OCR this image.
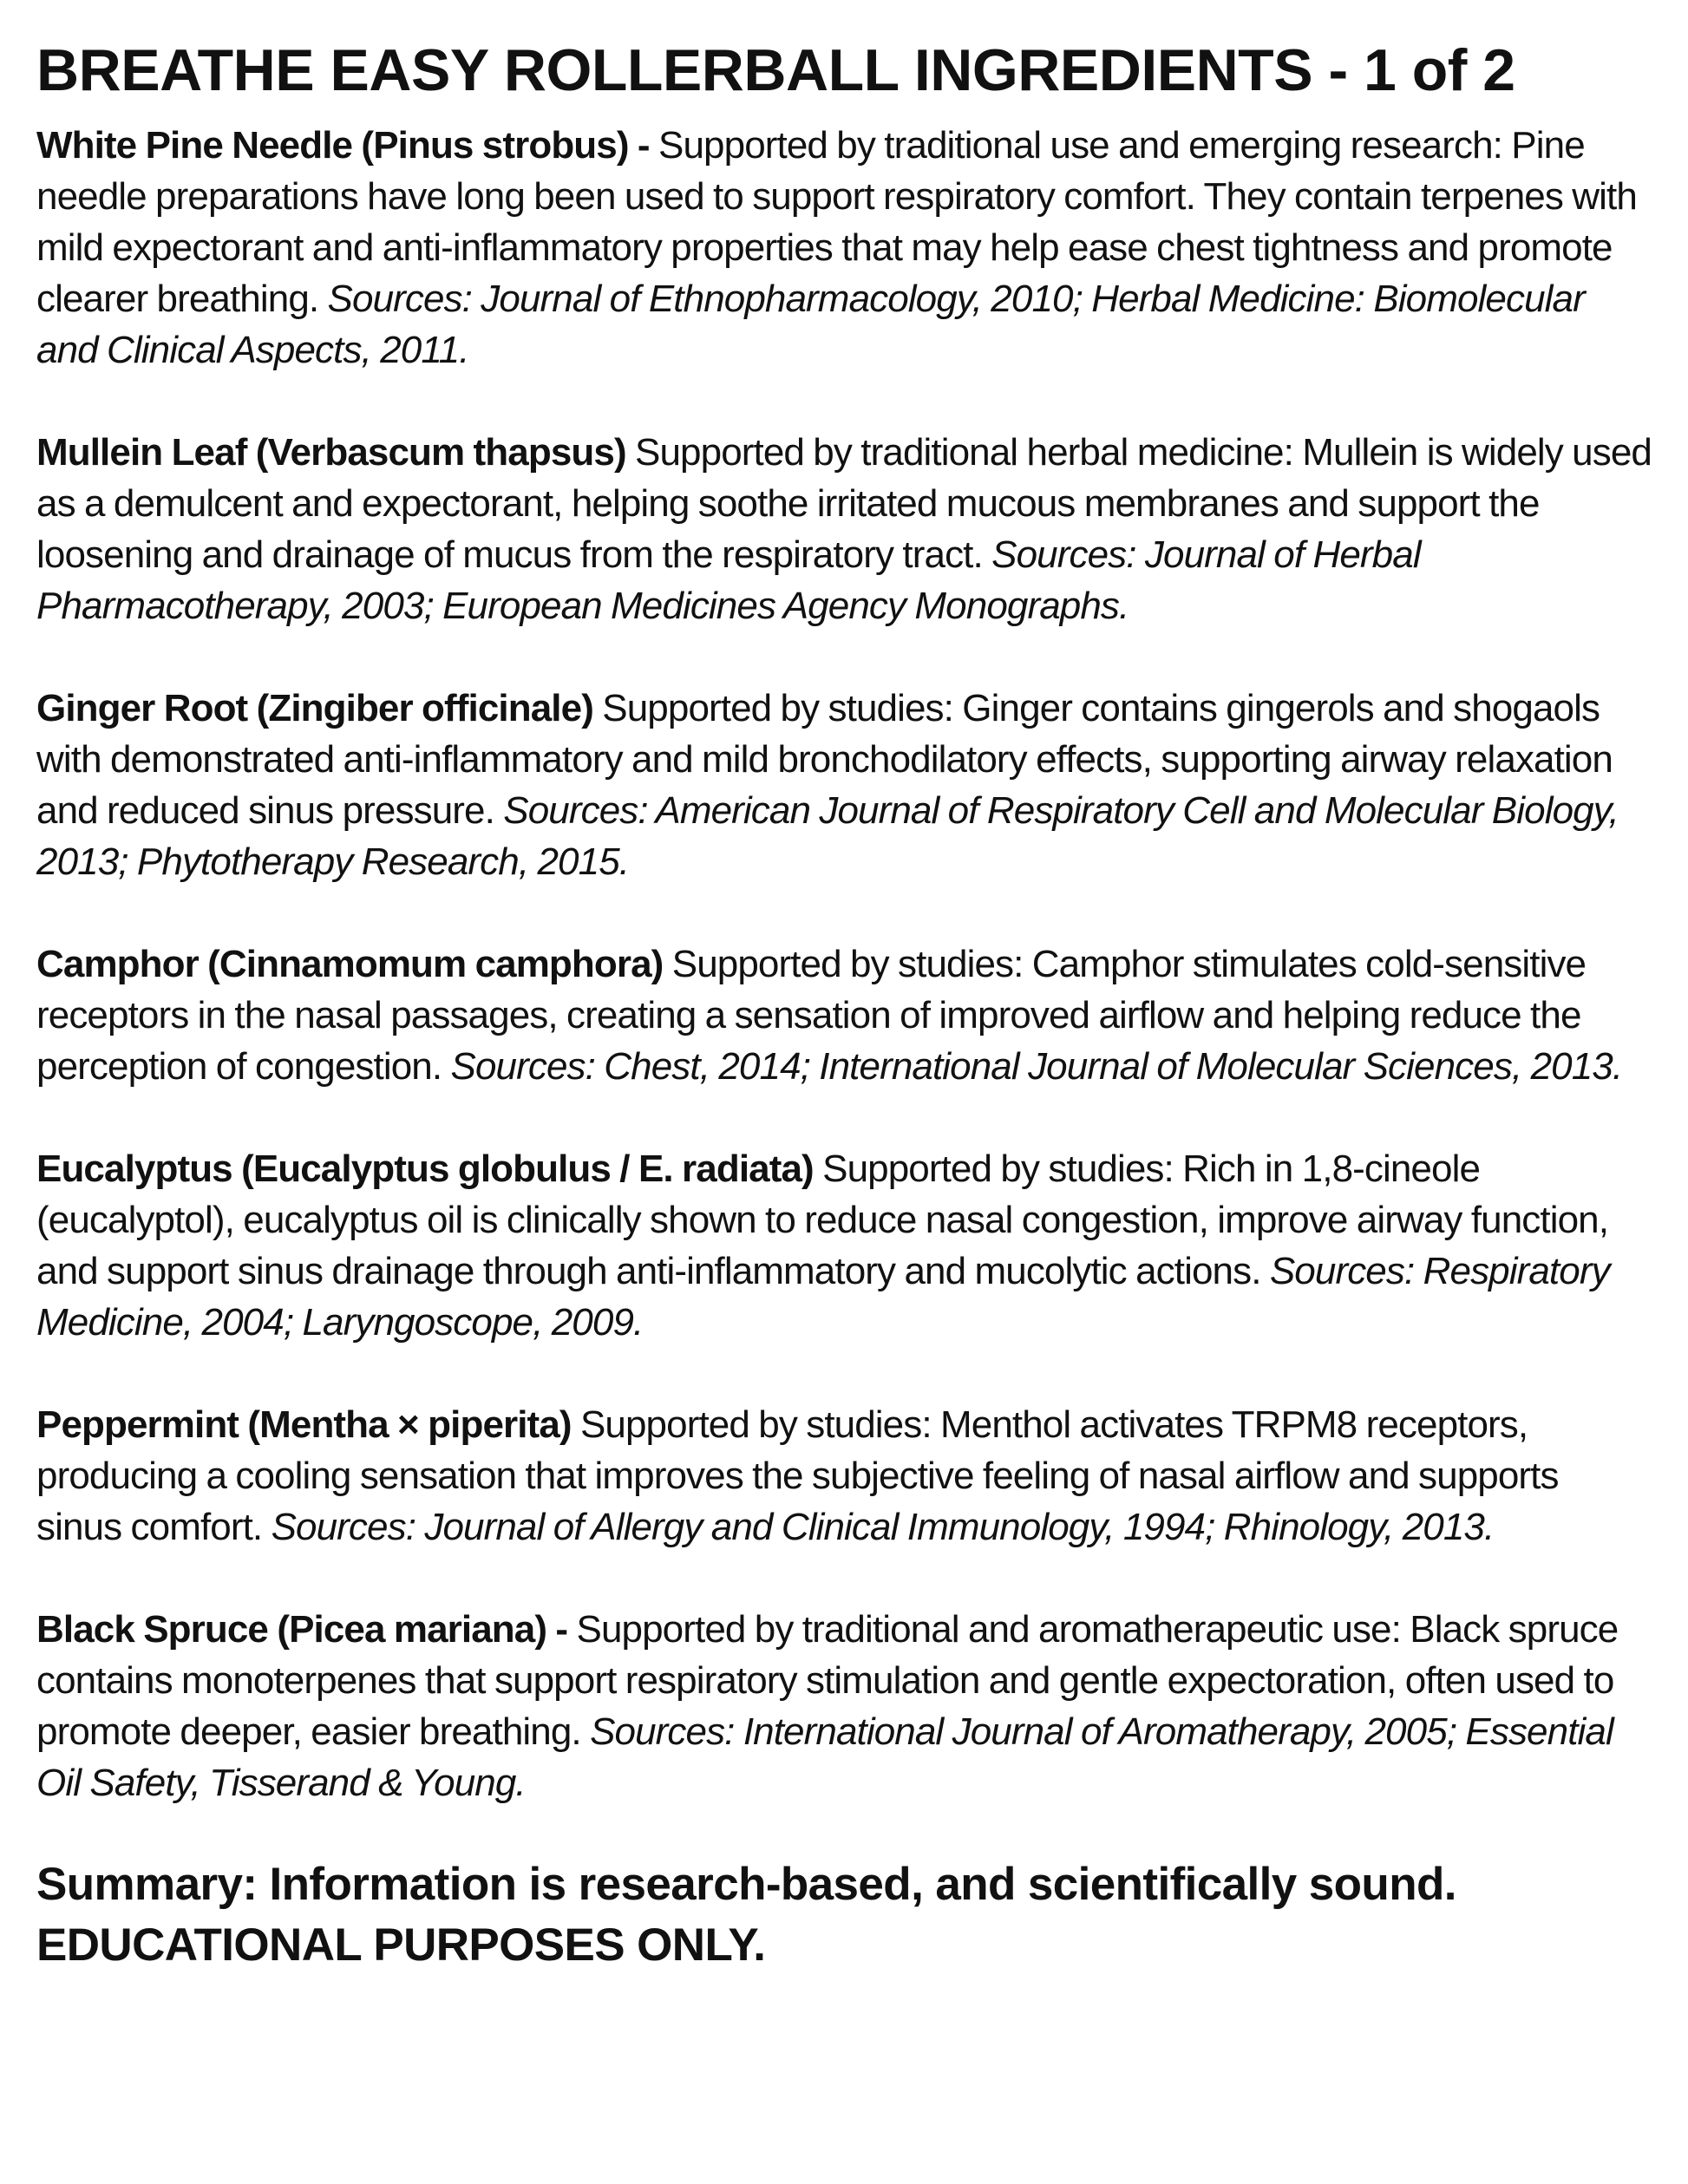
BREATHE EASY ROLLERBALL INGREDIENTS - 1 of 2

White Pine Needle (Pinus strobus) - Supported by traditional use and emerging research: Pine needle preparations have long been used to support respiratory comfort. They contain terpenes with mild expectorant and anti-inflammatory properties that may help ease chest tightness and promote clearer breathing. Sources: Journal of Ethnopharmacology, 2010; Herbal Medicine: Biomolecular and Clinical Aspects, 2011.

Mullein Leaf (Verbascum thapsus) Supported by traditional herbal medicine: Mullein is widely used as a demulcent and expectorant, helping soothe irritated mucous membranes and support the loosening and drainage of mucus from the respiratory tract. Sources: Journal of Herbal Pharmacotherapy, 2003; European Medicines Agency Monographs.

Ginger Root (Zingiber officinale) Supported by studies: Ginger contains gingerols and shogaols with demonstrated anti-inflammatory and mild bronchodilatory effects, supporting airway relaxation and reduced sinus pressure. Sources: American Journal of Respiratory Cell and Molecular Biology, 2013; Phytotherapy Research, 2015.

Camphor (Cinnamomum camphora) Supported by studies: Camphor stimulates cold-sensitive receptors in the nasal passages, creating a sensation of improved airflow and helping reduce the perception of congestion. Sources: Chest, 2014; International Journal of Molecular Sciences, 2013.

Eucalyptus (Eucalyptus globulus / E. radiata) Supported by studies: Rich in 1,8-cineole (eucalyptol), eucalyptus oil is clinically shown to reduce nasal congestion, improve airway function, and support sinus drainage through anti-inflammatory and mucolytic actions. Sources: Respiratory Medicine, 2004; Laryngoscope, 2009.

Peppermint (Mentha × piperita) Supported by studies: Menthol activates TRPM8 receptors, producing a cooling sensation that improves the subjective feeling of nasal airflow and supports sinus comfort. Sources: Journal of Allergy and Clinical Immunology, 1994; Rhinology, 2013.

Black Spruce (Picea mariana) - Supported by traditional and aromatherapeutic use: Black spruce contains monoterpenes that support respiratory stimulation and gentle expectoration, often used to promote deeper, easier breathing. Sources: International Journal of Aromatherapy, 2005; Essential Oil Safety, Tisserand & Young.

Summary: Information is research-based, and scientifically sound.
EDUCATIONAL PURPOSES ONLY.
